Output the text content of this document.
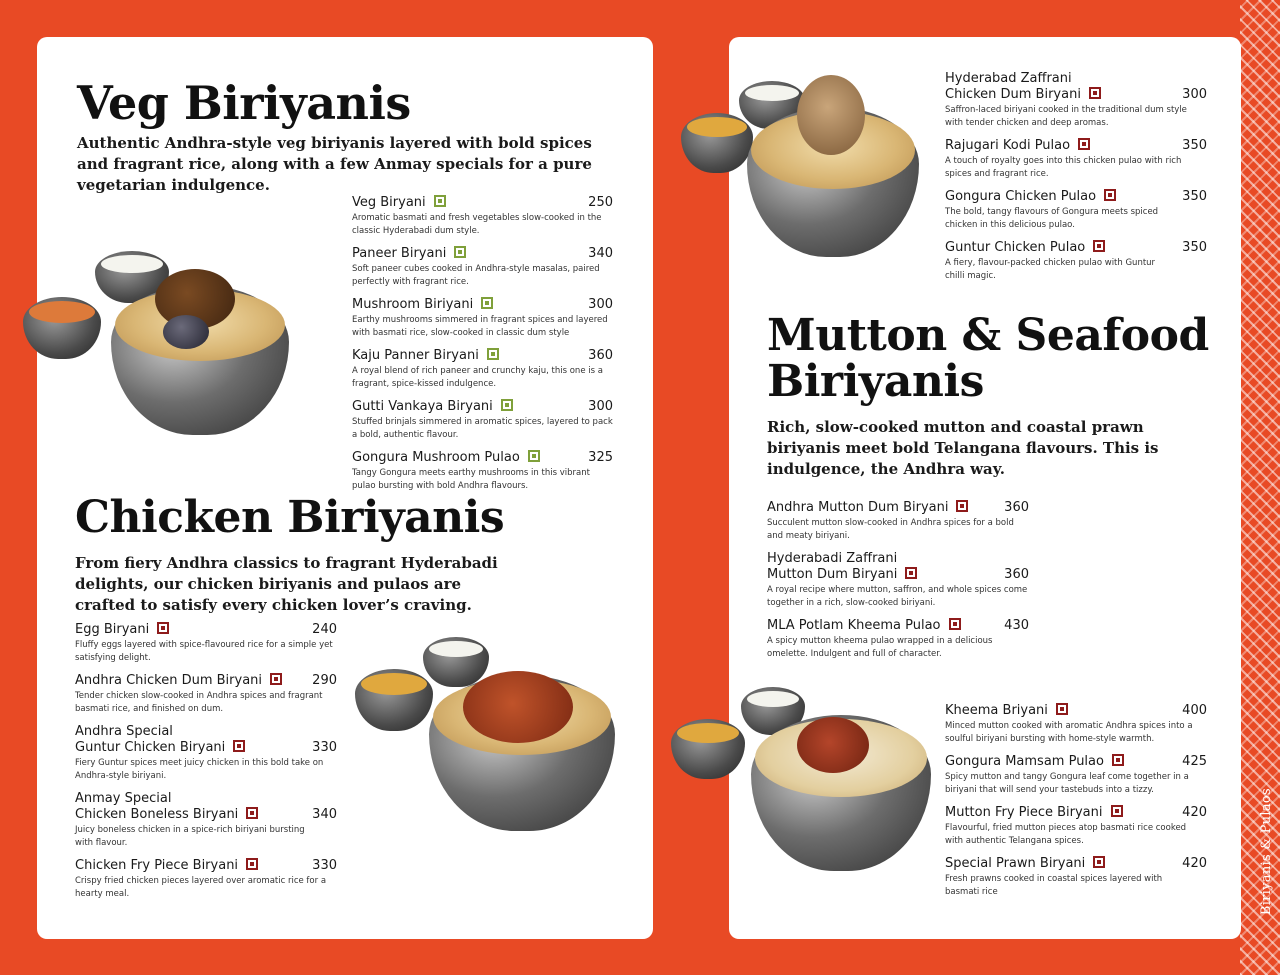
Biriyanis & Pulaos
Veg Biriyanis
Authentic Andhra-style veg biriyanis layered with bold spices
and fragrant rice, along with a few Anmay specials for a pure
vegetarian indulgence.
Veg Biryani	250
Aromatic basmati and fresh vegetables slow-cooked in the
classic Hyderabadi dum style.
Paneer Biryani	340
Soft paneer cubes cooked in Andhra-style masalas, paired
perfectly with fragrant rice.
Mushroom Biriyani	300
Earthy mushrooms simmered in fragrant spices and layered
with basmati rice, slow-cooked in classic dum style
Kaju Panner Biryani	360
A royal blend of rich paneer and crunchy kaju, this one is a
fragrant, spice-kissed indulgence.
Gutti Vankaya Biryani	300
Stuffed brinjals simmered in aromatic spices, layered to pack
a bold, authentic flavour.
Gongura Mushroom Pulao	325
Tangy Gongura meets earthy mushrooms in this vibrant
pulao bursting with bold Andhra flavours.
Chicken Biriyanis
From fiery Andhra classics to fragrant Hyderabadi
delights, our chicken biriyanis and pulaos are
crafted to satisfy every chicken lover’s craving.
Egg Biryani	240
Fluffy eggs layered with spice-flavoured rice for a simple yet
satisfying delight.
Andhra Chicken Dum Biryani	290
Tender chicken slow-cooked in Andhra spices and fragrant
basmati rice, and finished on dum.
Andhra Special
Guntur Chicken Biryani	330
Fiery Guntur spices meet juicy chicken in this bold take on
Andhra-style biriyani.
Anmay Special
Chicken Boneless Biryani	340
Juicy boneless chicken in a spice-rich biriyani bursting
with flavour.
Chicken Fry Piece Biryani	330
Crispy fried chicken pieces layered over aromatic rice for a
hearty meal.
Hyderabad Zaffrani
Chicken Dum Biryani	300
Saffron-laced biriyani cooked in the traditional dum style
with tender chicken and deep aromas.
Rajugari Kodi Pulao	350
A touch of royalty goes into this chicken pulao with rich
spices and fragrant rice.
Gongura Chicken Pulao	350
The bold, tangy flavours of Gongura meets spiced
chicken in this delicious pulao.
Guntur Chicken Pulao	350
A fiery, flavour-packed chicken pulao with Guntur
chilli magic.
Mutton & Seafood
Biriyanis
Rich, slow-cooked mutton and coastal prawn
biriyanis meet bold Telangana flavours. This is
indulgence, the Andhra way.
Andhra Mutton Dum Biryani	360
Succulent mutton slow-cooked in Andhra spices for a bold
and meaty biriyani.
Hyderabadi Zaffrani
Mutton Dum Biryani	360
A royal recipe where mutton, saffron, and whole spices come
together in a rich, slow-cooked biriyani.
MLA Potlam Kheema Pulao	430
A spicy mutton kheema pulao wrapped in a delicious
omelette. Indulgent and full of character.
Kheema Briyani	400
Minced mutton cooked with aromatic Andhra spices into a
soulful biriyani bursting with home-style warmth.
Gongura Mamsam Pulao	425
Spicy mutton and tangy Gongura leaf come together in a
biriyani that will send your tastebuds into a tizzy.
Mutton Fry Piece Biryani	420
Flavourful, fried mutton pieces atop basmati rice cooked
with authentic Telangana spices.
Special Prawn Biryani	420
Fresh prawns cooked in coastal spices layered with
basmati rice
